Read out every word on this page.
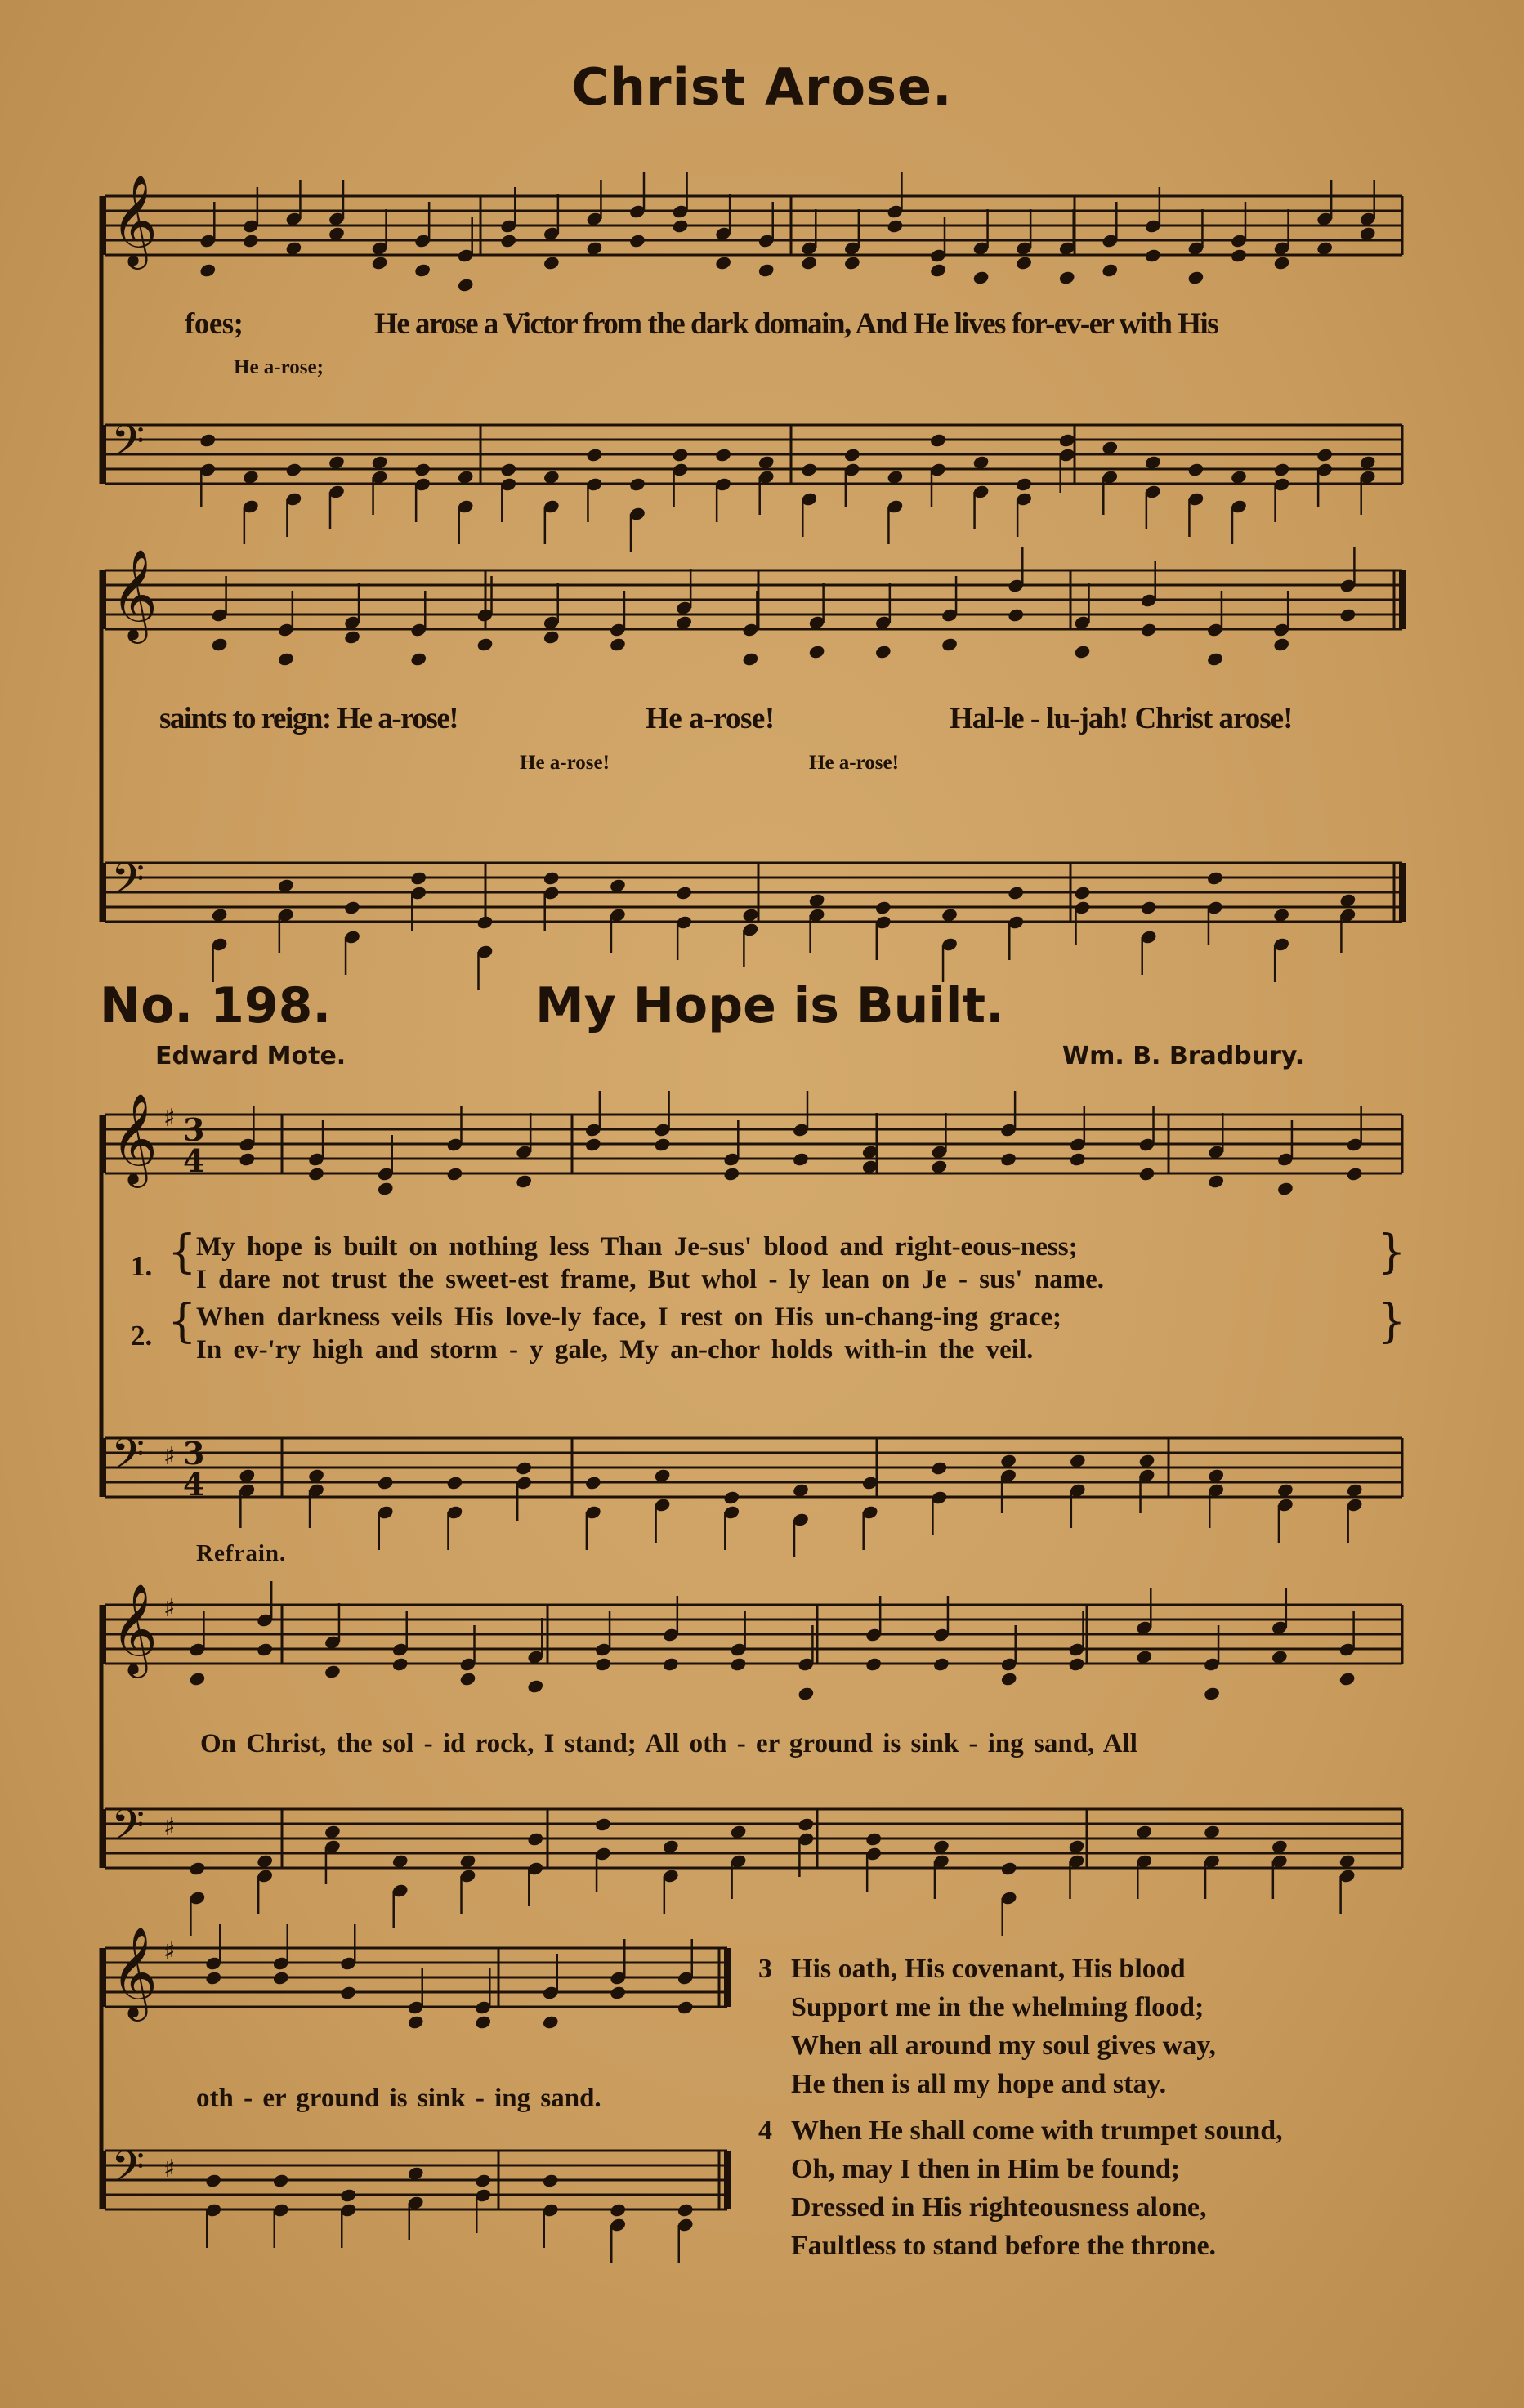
𝄞
𝄢
𝄞
𝄢
𝄞 ♯ 3
4
𝄢 ♯ 3
4
𝄞 ♯
𝄢 ♯
𝄞 ♯
𝄢 ♯
Christ Arose.
foes;	He arose a Victor from the dark domain, And He lives for-ev-er with His
He a-rose;
saints to reign: He a-rose!	He a-rose!	Hal-le - lu-jah! Christ arose!
He a-rose!	He a-rose!
No. 198.	My Hope is Built.
Edward Mote.	Wm. B. Bradbury.
1. { My hope is built on nothing less Than Je-sus' blood and right-eous-ness;
I dare not trust the sweet-est frame, But whol - ly lean on Je - sus' name.
}
2. { When darkness veils His love-ly face, I rest on His un-chang-ing grace;
In ev-'ry high and storm - y gale, My an-chor holds with-in the veil.
}
Refrain.
On Christ, the sol - id rock, I stand; All oth - er ground is sink - ing sand, All
oth - er ground is sink - ing sand.
3 His oath, His covenant, His blood
Support me in the whelming flood;
When all around my soul gives way,
He then is all my hope and stay.
4 When He shall come with trumpet sound,
Oh, may I then in Him be found;
Dressed in His righteousness alone,
Faultless to stand before the throne.
